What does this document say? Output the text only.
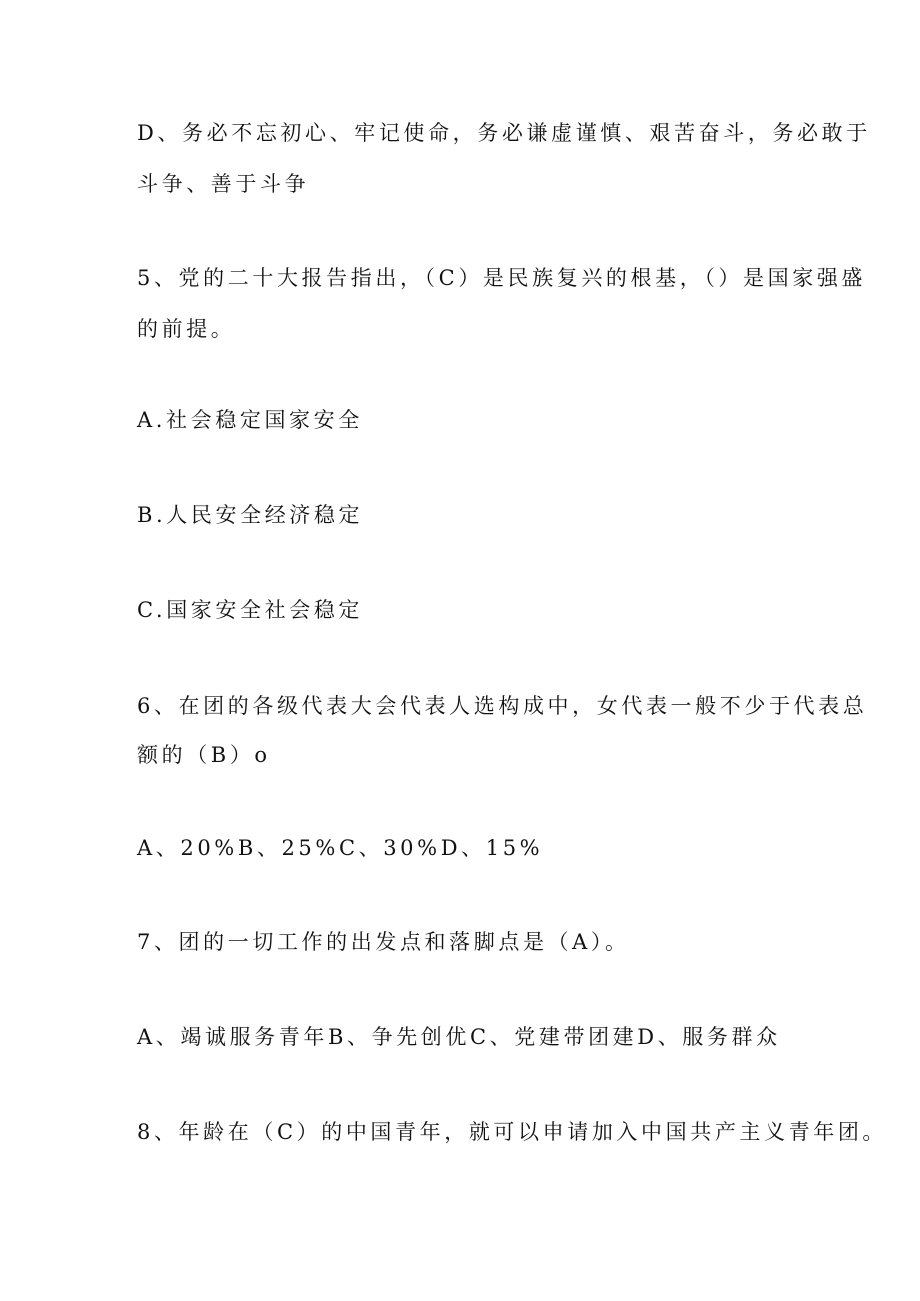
D、务必不忘初心、牢记使命，务必谦虚谨慎、艰苦奋斗，务必敢于
斗争、善于斗争
5、党的二十大报告指出，（C）是民族复兴的根基，（）是国家强盛
的前提。
A.社会稳定国家安全
B.人民安全经济稳定
C.国家安全社会稳定
6、在团的各级代表大会代表人选构成中，女代表一般不少于代表总
额的（B）o
A、20%B、25%C、30%D、15%
7、团的一切工作的出发点和落脚点是（A）。
A、竭诚服务青年B、争先创优C、党建带团建D、服务群众
8、年龄在（C）的中国青年，就可以申请加入中国共产主义青年团。
